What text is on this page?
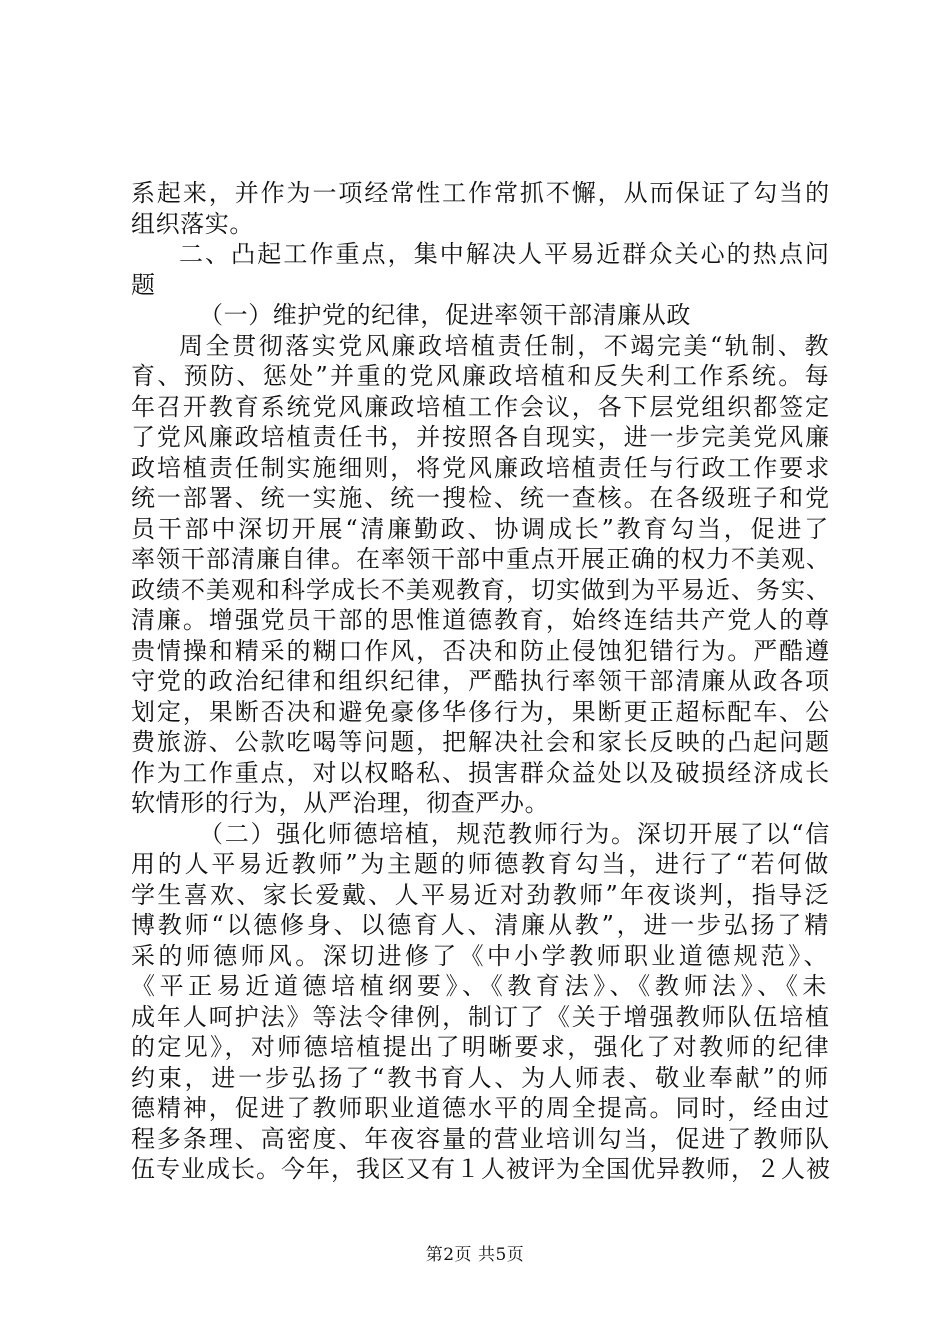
系起来，并作为一项经常性工作常抓不懈，从而保证了勾当的
组织落实。
二、凸起工作重点，集中解决人平易近群众关心的热点问
题
（一）维护党的纪律，促进率领干部清廉从政
周全贯彻落实党风廉政培植责任制，不竭完美“轨制、教
育、预防、惩处”并重的党风廉政培植和反失利工作系统。每
年召开教育系统党风廉政培植工作会议，各下层党组织都签定
了党风廉政培植责任书，并按照各自现实，进一步完美党风廉
政培植责任制实施细则，将党风廉政培植责任与行政工作要求
统一部署、统一实施、统一搜检、统一查核。在各级班子和党
员干部中深切开展“清廉勤政、协调成长”教育勾当，促进了
率领干部清廉自律。在率领干部中重点开展正确的权力不美观、
政绩不美观和科学成长不美观教育，切实做到为平易近、务实、
清廉。增强党员干部的思惟道德教育，始终连结共产党人的尊
贵情操和精采的糊口作风，否决和防止侵蚀犯错行为。严酷遵
守党的政治纪律和组织纪律，严酷执行率领干部清廉从政各项
划定，果断否决和避免豪侈华侈行为，果断更正超标配车、公
费旅游、公款吃喝等问题，把解决社会和家长反映的凸起问题
作为工作重点，对以权略私、损害群众益处以及破损经济成长
软情形的行为，从严治理，彻查严办。
（二）强化师德培植，规范教师行为。深切开展了以“信
用的人平易近教师”为主题的师德教育勾当，进行了“若何做
学生喜欢、家长爱戴、人平易近对劲教师”年夜谈判，指导泛
博教师“以德修身、以德育人、清廉从教”，进一步弘扬了精
采的师德师风。深切进修了《中小学教师职业道德规范》、
《平正易近道德培植纲要》、《教育法》、《教师法》、《未
成年人呵护法》等法令律例，制订了《关于增强教师队伍培植
的定见》，对师德培植提出了明晰要求，强化了对教师的纪律
约束，进一步弘扬了“教书育人、为人师表、敬业奉献”的师
德精神，促进了教师职业道德水平的周全提高。同时，经由过
程多条理、高密度、年夜容量的营业培训勾当，促进了教师队
伍专业成长。今年，我区又有１人被评为全国优异教师，２人被
第2页 共5页
